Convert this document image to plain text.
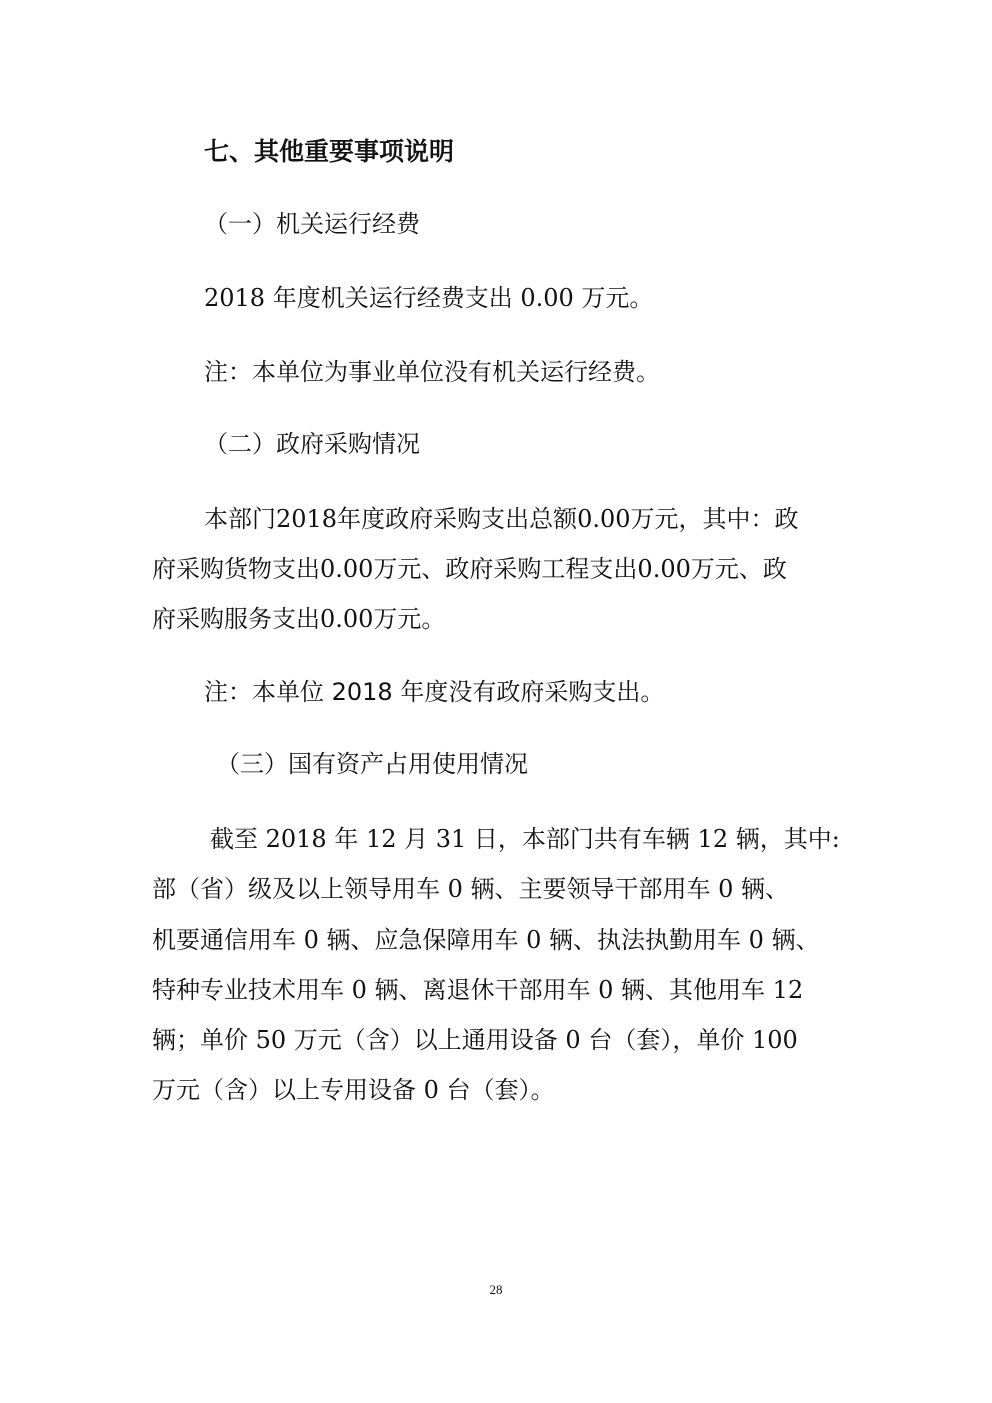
七、其他重要事项说明
（一）机关运行经费
2018 年度机关运行经费支出 0.00 万元。
注：本单位为事业单位没有机关运行经费。
（二）政府采购情况
本部门2018年度政府采购支出总额0.00万元，其中：政
府采购货物支出0.00万元、政府采购工程支出0.00万元、政
府采购服务支出0.00万元。
注：本单位 2018 年度没有政府采购支出。
（三）国有资产占用使用情况
截至 2018 年 12 月 31 日，本部门共有车辆 12 辆，其中:
部（省）级及以上领导用车 0 辆、主要领导干部用车 0 辆、
机要通信用车 0 辆、应急保障用车 0 辆、执法执勤用车 0 辆、
特种专业技术用车 0 辆、离退休干部用车 0 辆、其他用车 12
辆；单价 50 万元（含）以上通用设备 0 台（套），单价 100
万元（含）以上专用设备 0 台（套）。
28
